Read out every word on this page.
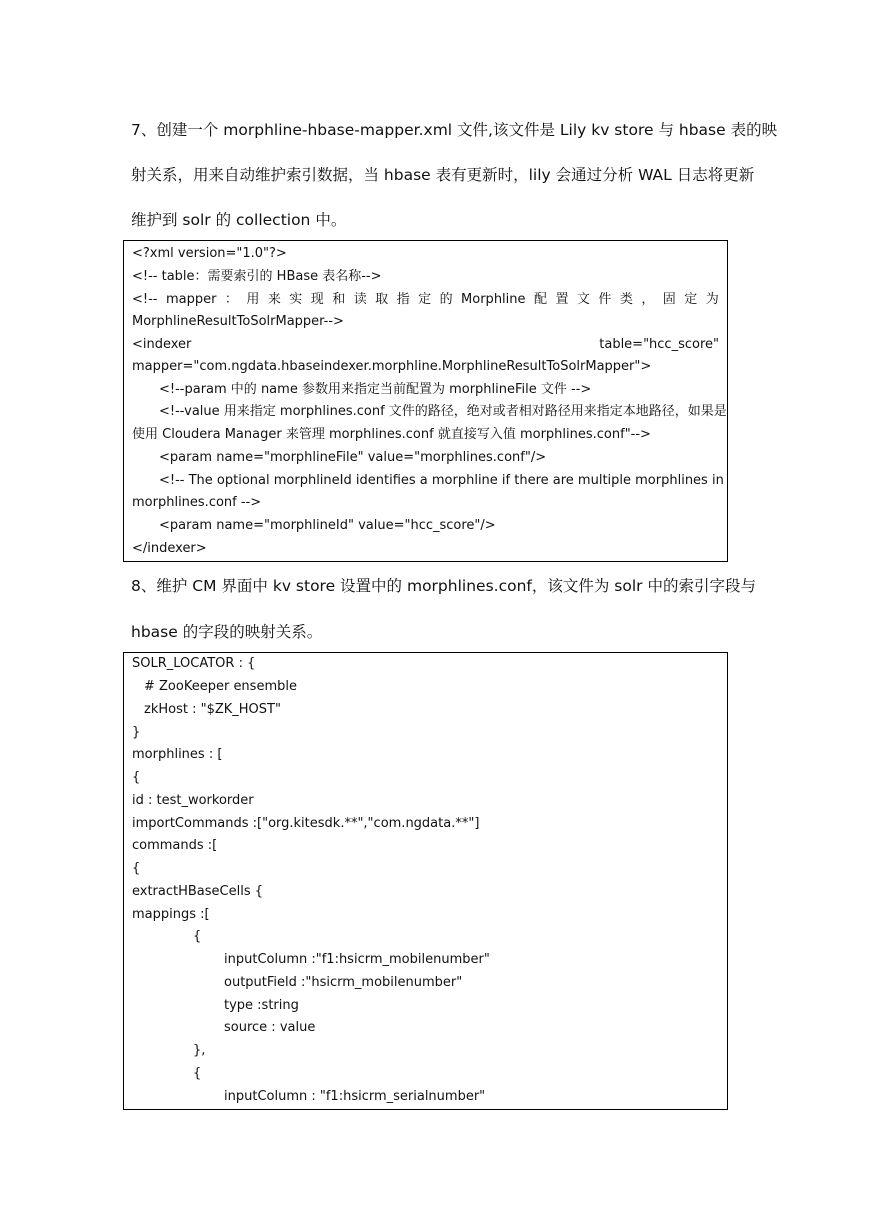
7、创建一个 morphline-hbase-mapper.xml 文件,该文件是 Lily kv store 与 hbase 表的映

射关系，用来自动维护索引数据，当 hbase 表有更新时，lily 会通过分析 WAL 日志将更新

维护到 solr 的 collection 中。

<?xml version="1.0"?>
<!-- table：需要索引的 HBase 表名称-->
<!-- mapper ： 用 来 实 现 和 读 取 指 定 的 Morphline 配 置 文 件 类 ， 固 定 为
MorphlineResultToSolrMapper-->
<indexer	table="hcc_score"
mapper="com.ngdata.hbaseindexer.morphline.MorphlineResultToSolrMapper">
<!--param 中的 name 参数用来指定当前配置为 morphlineFile 文件 -->
<!--value 用来指定 morphlines.conf 文件的路径，绝对或者相对路径用来指定本地路径，如果是
使用 Cloudera Manager 来管理 morphlines.conf 就直接写入值 morphlines.conf"-->
<param name="morphlineFile" value="morphlines.conf"/>
<!-- The optional morphlineId identifies a morphline if there are multiple morphlines in
morphlines.conf -->
<param name="morphlineId" value="hcc_score"/>
</indexer>

8、维护 CM 界面中 kv store 设置中的 morphlines.conf，该文件为 solr 中的索引字段与

hbase 的字段的映射关系。

SOLR_LOCATOR : {
# ZooKeeper ensemble
zkHost : "$ZK_HOST"
}
morphlines : [
{
id : test_workorder
importCommands :["org.kitesdk.**","com.ngdata.**"]
commands :[
{
extractHBaseCells {
mappings :[
{
inputColumn :"f1:hsicrm_mobilenumber"
outputField :"hsicrm_mobilenumber"
type :string
source : value
},
{
inputColumn : "f1:hsicrm_serialnumber"
